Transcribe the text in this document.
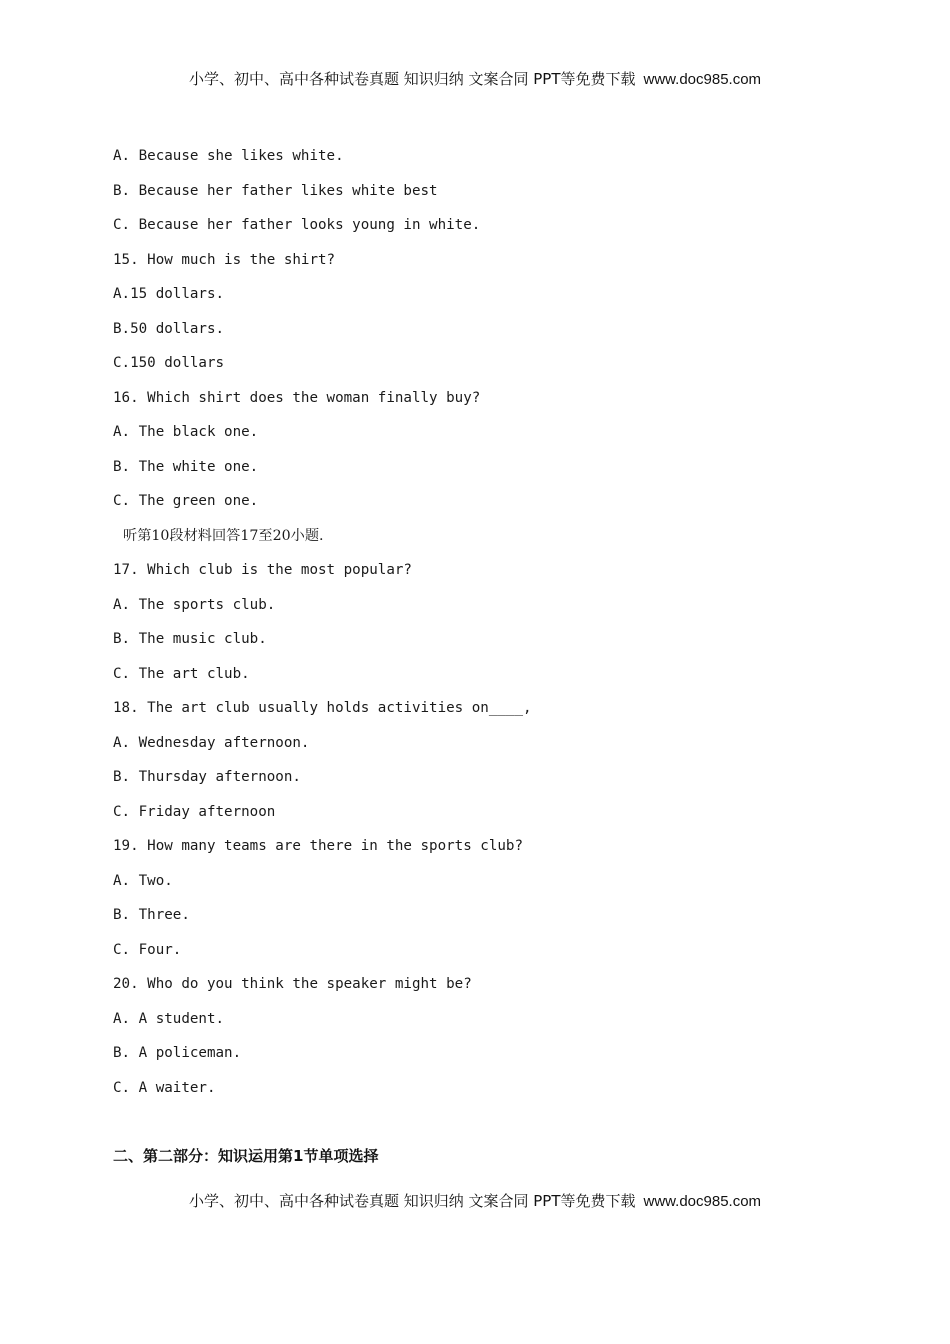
小学、初中、高中各种试卷真题 知识归纳 文案合同 PPT等免费下载 www.doc985.com
A. Because she likes white.
B. Because her father likes white best
C. Because her father looks young in white.
15. How much is the shirt?
A.15 dollars.
B.50 dollars.
C.150 dollars
16. Which shirt does the woman finally buy?
A. The black one.
B. The white one.
C. The green one.
听第10段材料回答17至20小题.
17. Which club is the most popular?
A. The sports club.
B. The music club.
C. The art club.
18. The art club usually holds activities on____,
A. Wednesday afternoon.
B. Thursday afternoon.
C. Friday afternoon
19. How many teams are there in the sports club?
A. Two.
B. Three.
C. Four.
20. Who do you think the speaker might be?
A. A student.
B. A policeman.
C. A waiter.
二、第二部分：知识运用第1节单项选择
小学、初中、高中各种试卷真题 知识归纳 文案合同 PPT等免费下载 www.doc985.com
